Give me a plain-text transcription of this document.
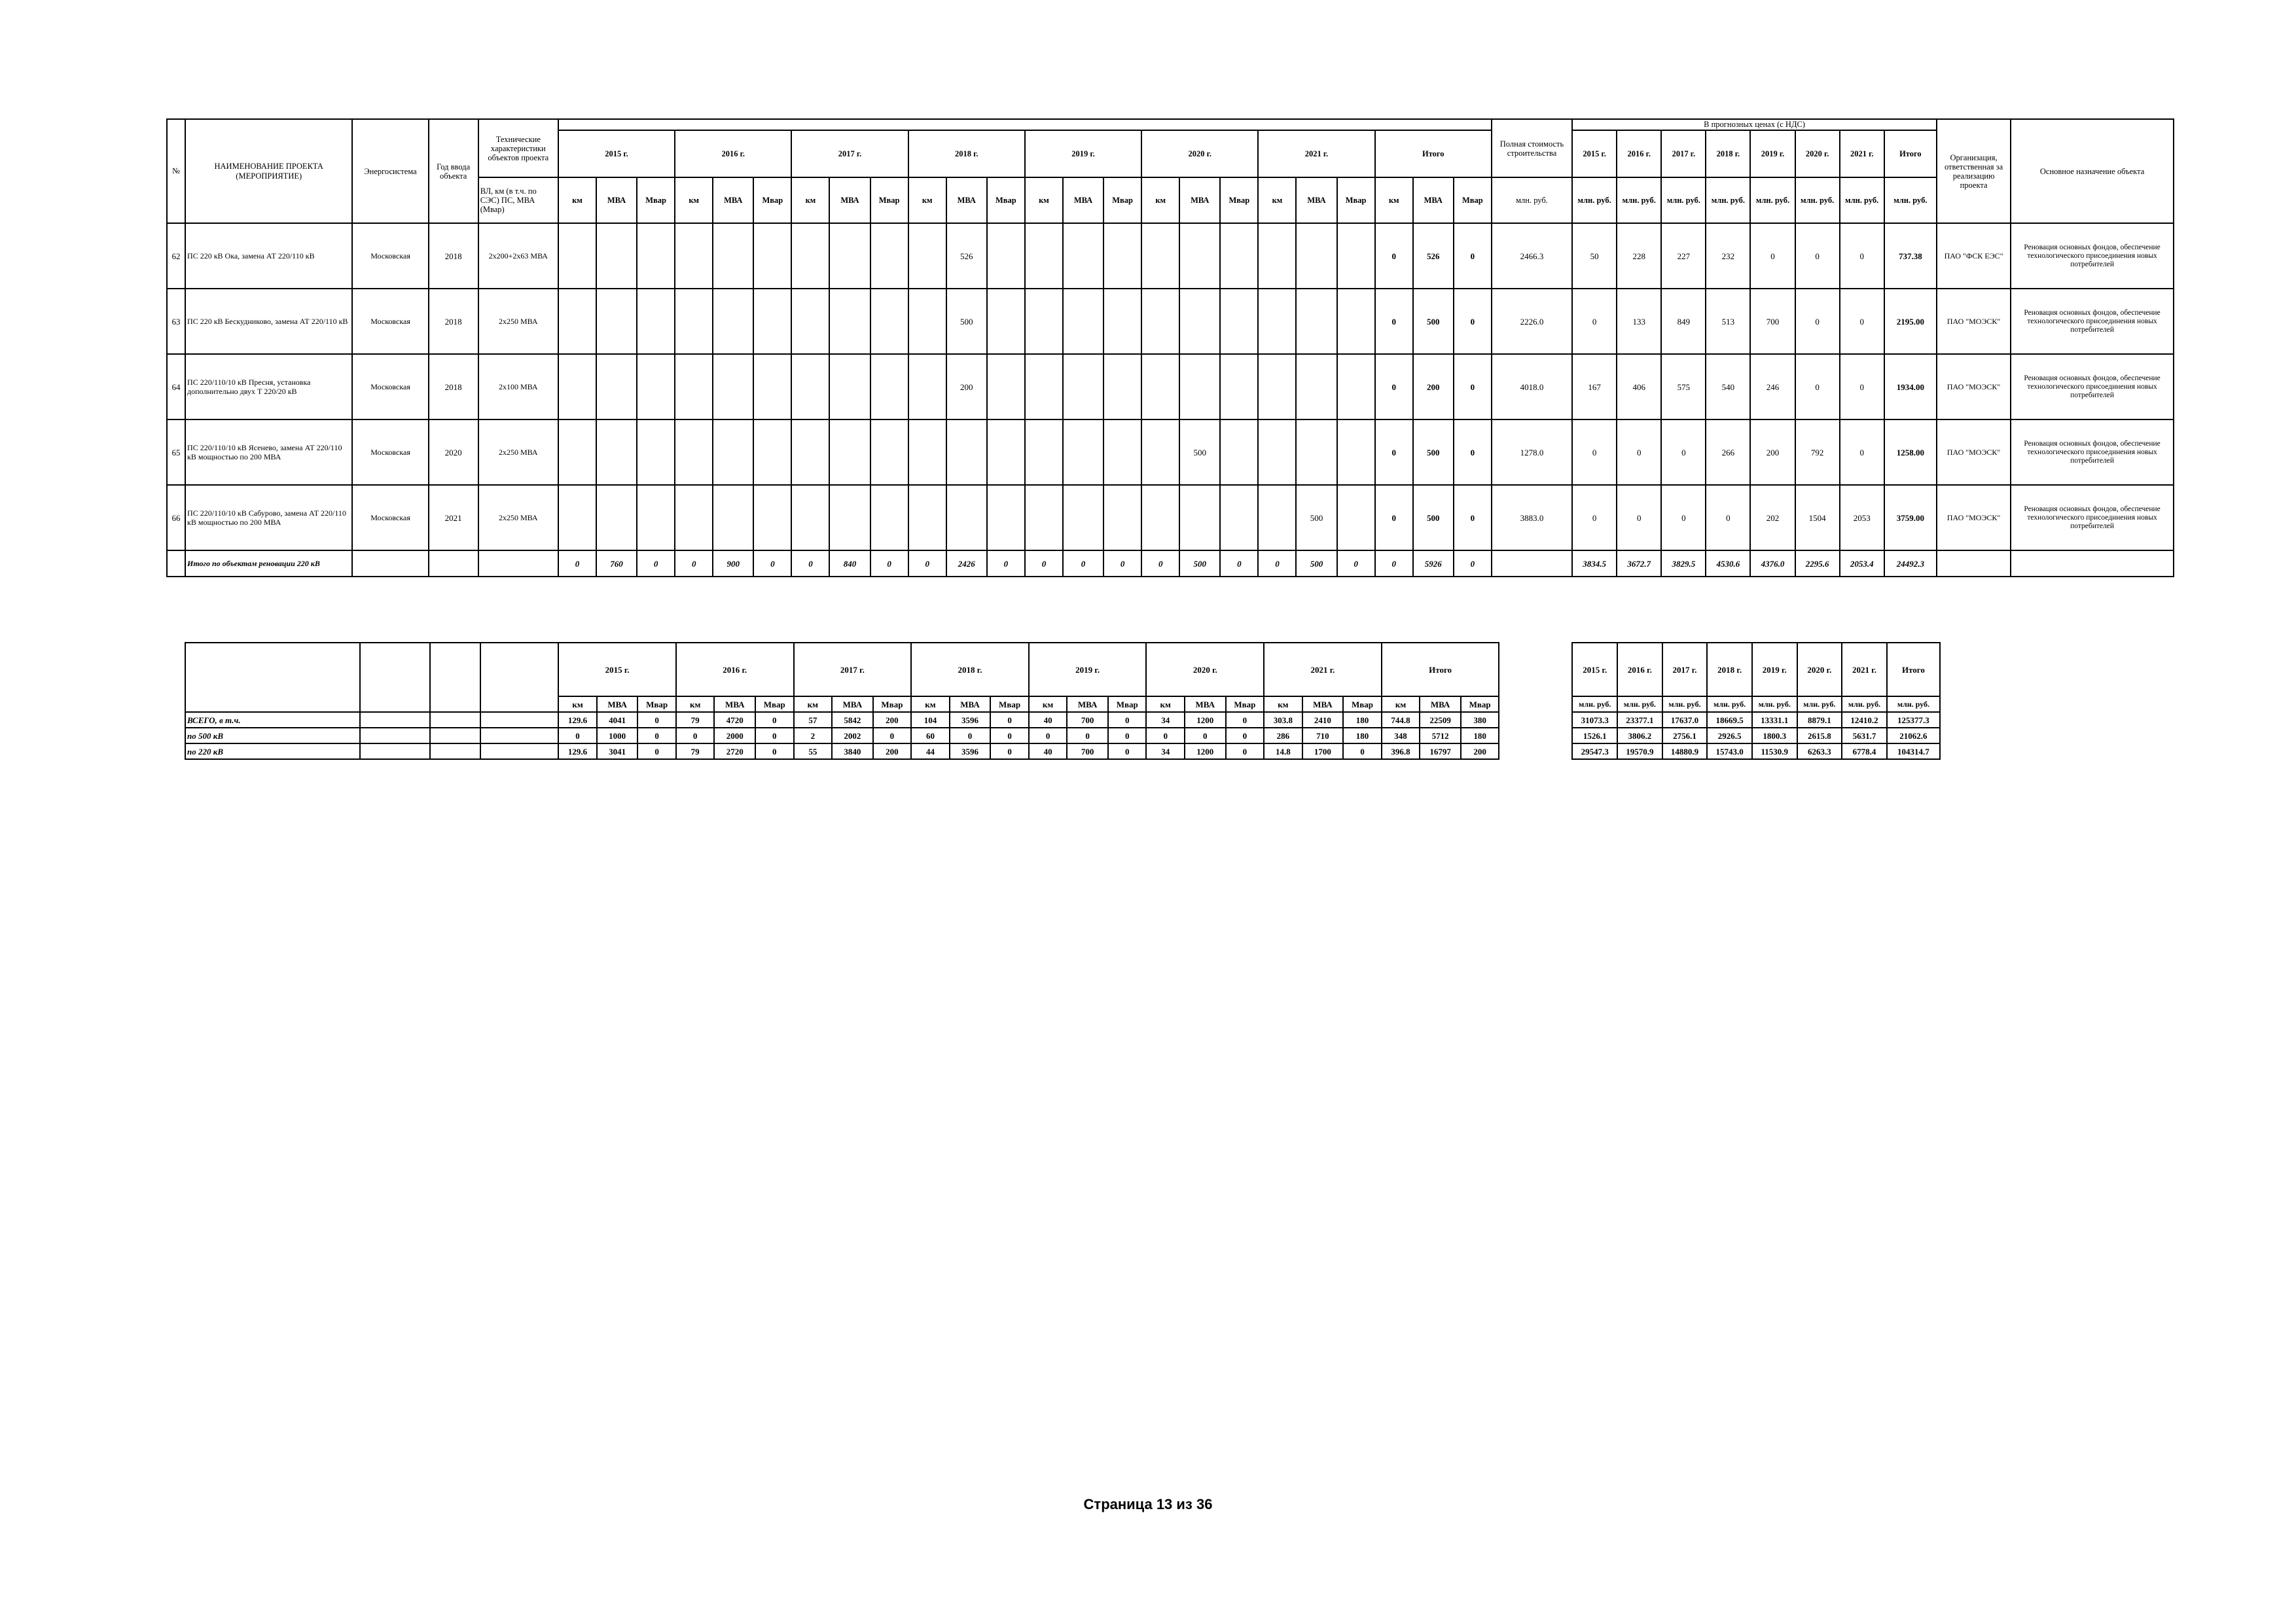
№	НАИМЕНОВАНИЕ ПРОЕКТА (МЕРОПРИЯТИЕ)	Энергосистема	Год ввода объекта	Технические характеристики объектов проекта																									Полная стоимость строительства	В прогнозных ценах (с НДС)								Организация, ответственная за реализацию проекта	Основное назначение объекта
					2015 г.			2016 г.			2017 г.			2018 г.			2019 г.			2020 г.			2021 г.			Итого				2015 г.	2016 г.	2017 г.	2018 г.	2019 г.	2020 г.	2021 г.	Итого		
				ВЛ, км (в т.ч. по СЭС) ПС, МВА (Мвар)	км	МВА	Мвар	км	МВА	Мвар	км	МВА	Мвар	км	МВА	Мвар	км	МВА	Мвар	км	МВА	Мвар	км	МВА	Мвар	км	МВА	Мвар	млн. руб.										
																														млн. руб.	млн. руб.	млн. руб.	млн. руб.	млн. руб.	млн. руб.	млн. руб.	млн. руб.		
62	ПС 220 кВ Ока, замена АТ 220/110 кВ	Московская	2018	2х200+2х63 МВА											526											0	526	0	2466.3	50	228	227	232	0	0	0	737.38	ПАО "ФСК ЕЭС"	Реновация основных фондов, обеспечение технологического присоединения новых потребителей
63	ПС 220 кВ Бескудниково, замена АТ 220/110 кВ	Московская	2018	2х250 МВА											500											0	500	0	2226.0	0	133	849	513	700	0	0	2195.00	ПАО "МОЭСК"	Реновация основных фондов, обеспечение технологического присоединения новых потребителей
64	ПС 220/110/10 кВ Пресня, установка дополнительно двух Т 220/20 кВ	Московская	2018	2х100 МВА											200											0	200	0	4018.0	167	406	575	540	246	0	0	1934.00	ПАО "МОЭСК"	Реновация основных фондов, обеспечение технологического присоединения новых потребителей
65	ПС 220/110/10 кВ Ясенево, замена АТ 220/110 кВ мощностью по 200 МВА	Московская	2020	2х250 МВА																	500					0	500	0	1278.0	0	0	0	266	200	792	0	1258.00	ПАО "МОЭСК"	Реновация основных фондов, обеспечение технологического присоединения новых потребителей
66	ПС 220/110/10 кВ Сабурово, замена АТ 220/110 кВ мощностью по 200 МВА	Московская	2021	2х250 МВА																				500		0	500	0	3883.0	0	0	0	0	202	1504	2053	3759.00	ПАО "МОЭСК"	Реновация основных фондов, обеспечение технологического присоединения новых потребителей
	Итого по объектам реновации 220 кВ				0	760	0	0	900	0	0	840	0	0	2426	0	0	0	0	0	500	0	0	500	0	0	5926	0		3834.5	3672.7	3829.5	4530.6	4376.0	2295.6	2053.4	24492.3		
				2015 г.			2016 г.			2017 г.			2018 г.			2019 г.			2020 г.			2021 г.			Итого				2015 г.	2016 г.	2017 г.	2018 г.	2019 г.	2020 г.	2021 г.	Итого
				км	МВА	Мвар	км	МВА	Мвар	км	МВА	Мвар	км	МВА	Мвар	км	МВА	Мвар	км	МВА	Мвар	км	МВА	Мвар	км	МВА	Мвар		млн. руб.	млн. руб.	млн. руб.	млн. руб.	млн. руб.	млн. руб.	млн. руб.	млн. руб.
ВСЕГО, в т.ч.				129.6	4041	0	79	4720	0	57	5842	200	104	3596	0	40	700	0	34	1200	0	303.8	2410	180	744.8	22509	380		31073.3	23377.1	17637.0	18669.5	13331.1	8879.1	12410.2	125377.3
по 500 кВ				0	1000	0	0	2000	0	2	2002	0	60	0	0	0	0	0	0	0	0	286	710	180	348	5712	180		1526.1	3806.2	2756.1	2926.5	1800.3	2615.8	5631.7	21062.6
по 220 кВ				129.6	3041	0	79	2720	0	55	3840	200	44	3596	0	40	700	0	34	1200	0	14.8	1700	0	396.8	16797	200		29547.3	19570.9	14880.9	15743.0	11530.9	6263.3	6778.4	104314.7
Страница 13 из 36
